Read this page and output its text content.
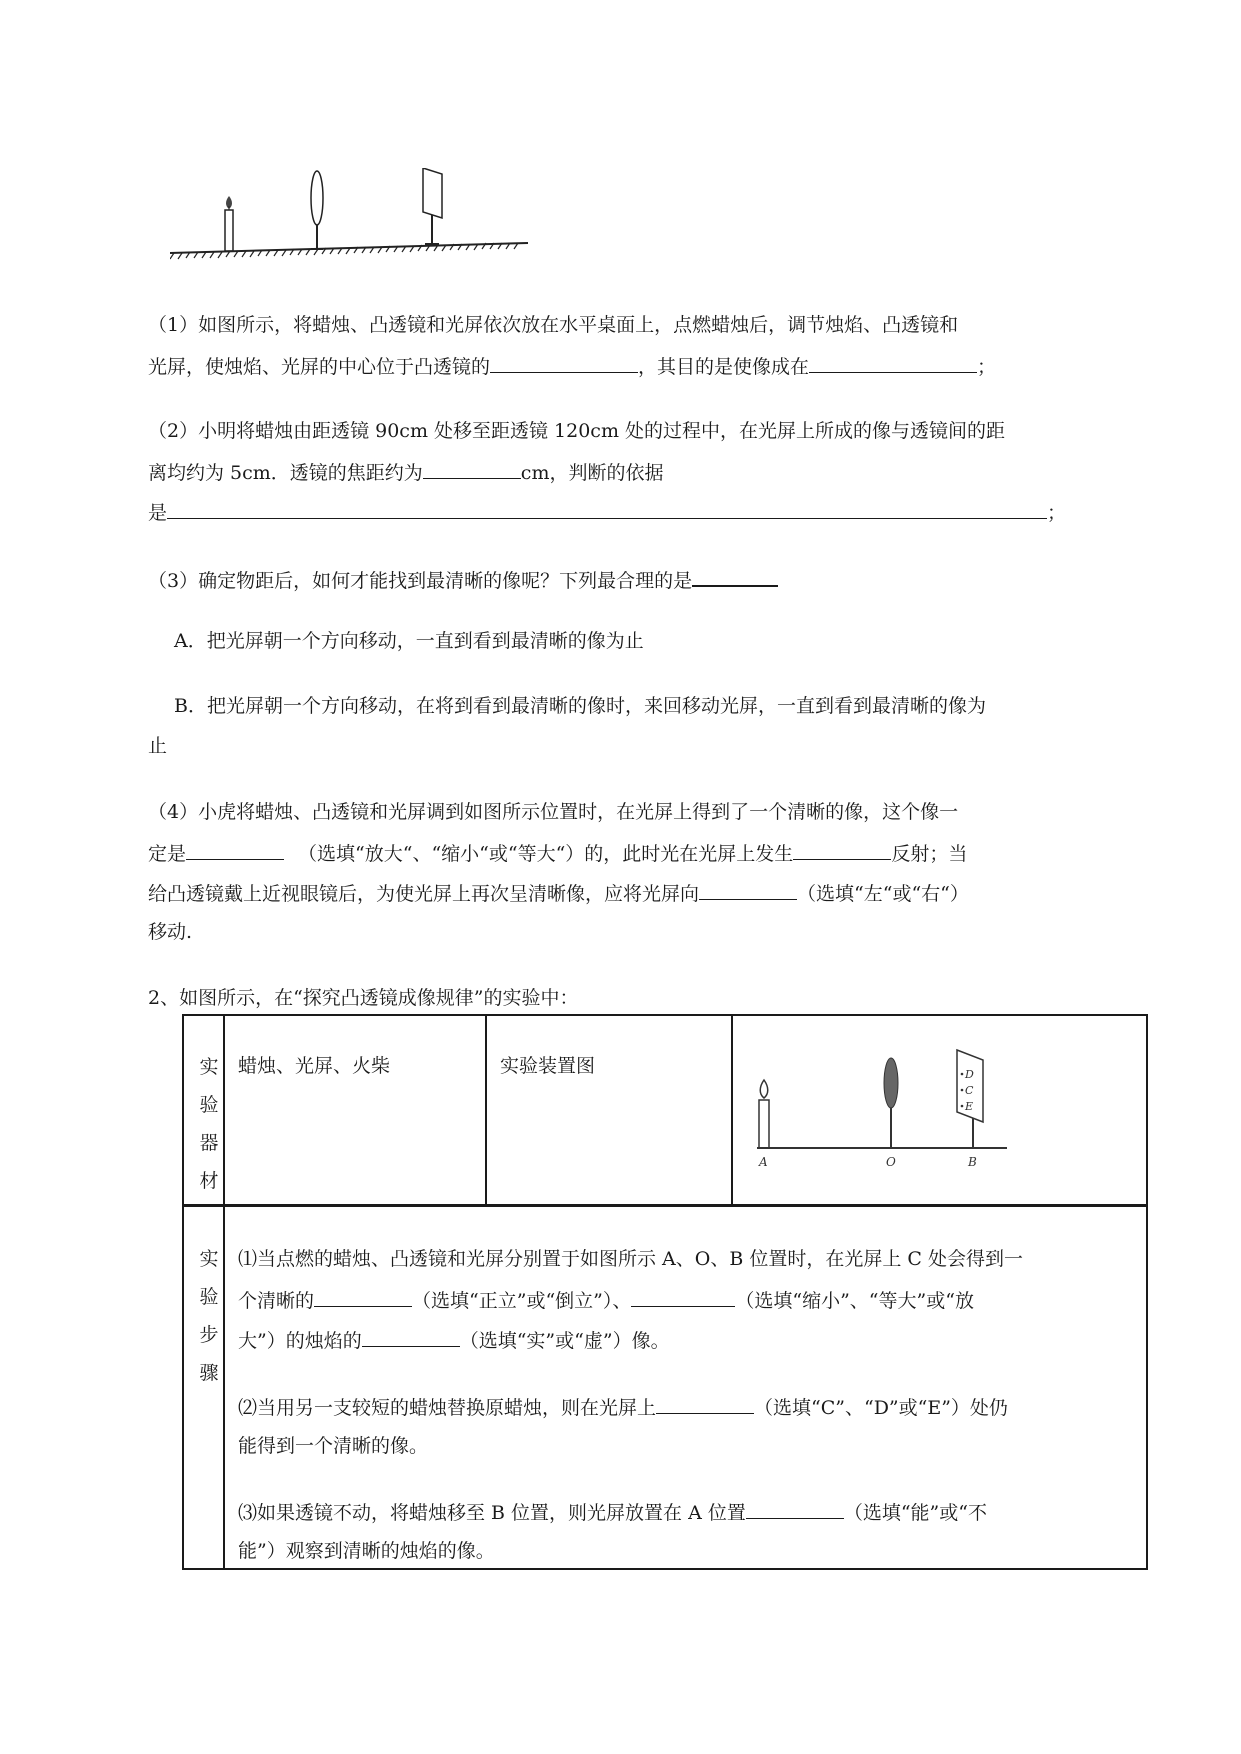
（1）如图所示，将蜡烛、凸透镜和光屏依次放在水平桌面上，点燃蜡烛后，调节烛焰、凸透镜和
光屏，使烛焰、光屏的中心位于凸透镜的	，其目的是使像成在	；
（2）小明将蜡烛由距透镜 90cm 处移至距透镜 120cm 处的过程中，在光屏上所成的像与透镜间的距
离均约为 5cm．透镜的焦距约为	cm，判断的依据
是	；
（3）确定物距后，如何才能找到最清晰的像呢？下列最合理的是
A．把光屏朝一个方向移动，一直到看到最清晰的像为止
B．把光屏朝一个方向移动，在将到看到最清晰的像时，来回移动光屏，一直到看到最清晰的像为
止
（4）小虎将蜡烛、凸透镜和光屏调到如图所示位置时，在光屏上得到了一个清晰的像，这个像一
定是	（选填“放大“、“缩小“或“等大“）的，此时光在光屏上发生	反射；当
给凸透镜戴上近视眼镜后，为使光屏上再次呈清晰像，应将光屏向	（选填“左“或“右“）
移动.
2、如图所示，在“探究凸透镜成像规律”的实验中：
实
验
器
材
蜡烛、光屏、火柴	实验装置图	D
C
E
A	O	B
实
验
步
骤
⑴当点燃的蜡烛、凸透镜和光屏分别置于如图所示 A、O、B 位置时，在光屏上 C 处会得到一
个清晰的	（选填“正立”或“倒立”）、	（选填“缩小”、“等大”或“放
大”）的烛焰的	（选填“实”或“虚”）像。
⑵当用另一支较短的蜡烛替换原蜡烛，则在光屏上	（选填“C”、“D”或“E”）处仍
能得到一个清晰的像。
⑶如果透镜不动，将蜡烛移至 B 位置，则光屏放置在 A 位置	（选填“能”或“不
能”）观察到清晰的烛焰的像。
